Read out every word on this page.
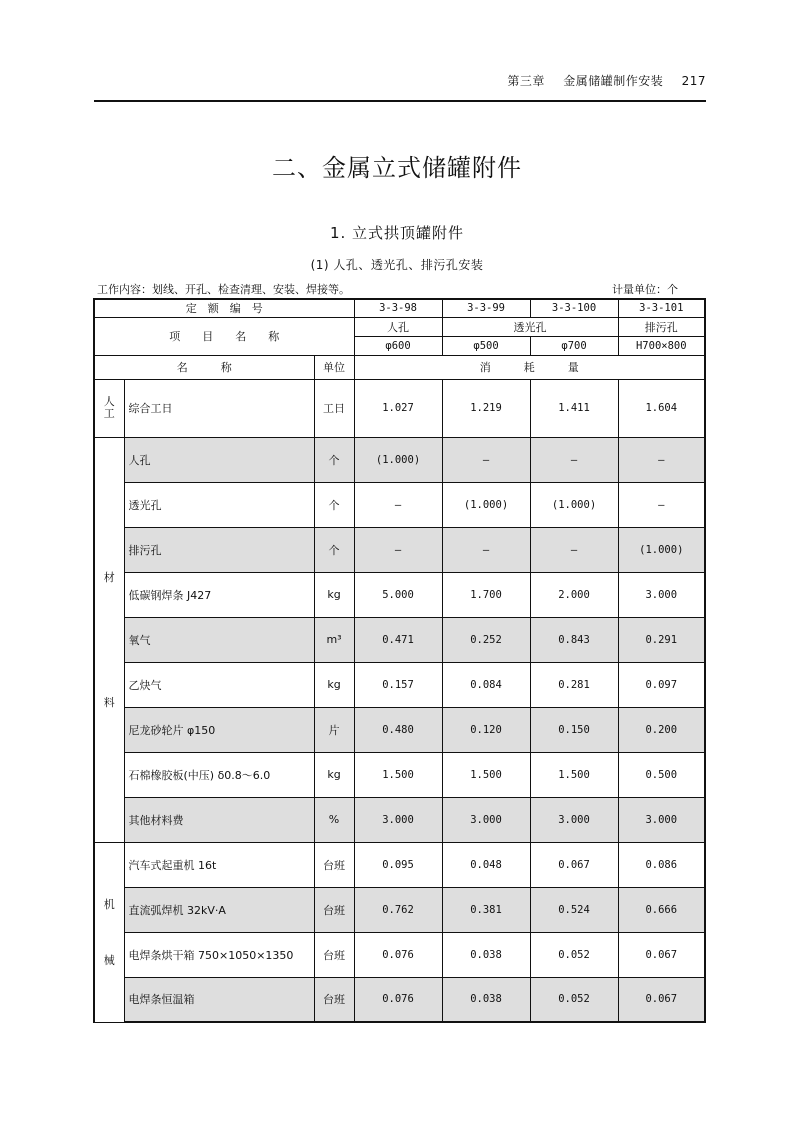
第三章 金属储罐制作安装 217
二、金属立式储罐附件
1. 立式拱顶罐附件
(1) 人孔、透光孔、排污孔安装
工作内容：划线、开孔、检查清理、安装、焊接等。	计量单位：个
定　额　编　号			3-3-98	3-3-99	3-3-100	3-3-101
项　　目　　名　　称			人孔	透光孔		排污孔
			φ600	φ500	φ700	H700×800
名　　　称		单位	消　　　耗　　　量			

人
工	综合工日	工日	1.027	1.219	1.411	1.604

材
料	人孔	个	(1.000)	—	—	—
	透光孔	个	—	(1.000)	(1.000)	—
	排污孔	个	—	—	—	(1.000)
	低碳钢焊条 J427	kg	5.000	1.700	2.000	3.000
	氧气	m³	0.471	0.252	0.843	0.291
	乙炔气	kg	0.157	0.084	0.281	0.097
	尼龙砂轮片 φ150	片	0.480	0.120	0.150	0.200
	石棉橡胶板(中压) δ0.8～6.0	kg	1.500	1.500	1.500	0.500
	其他材料费	%	3.000	3.000	3.000	3.000

机
械	汽车式起重机 16t	台班	0.095	0.048	0.067	0.086
	直流弧焊机 32kV·A	台班	0.762	0.381	0.524	0.666
	电焊条烘干箱 750×1050×1350	台班	0.076	0.038	0.052	0.067
	电焊条恒温箱	台班	0.076	0.038	0.052	0.067
